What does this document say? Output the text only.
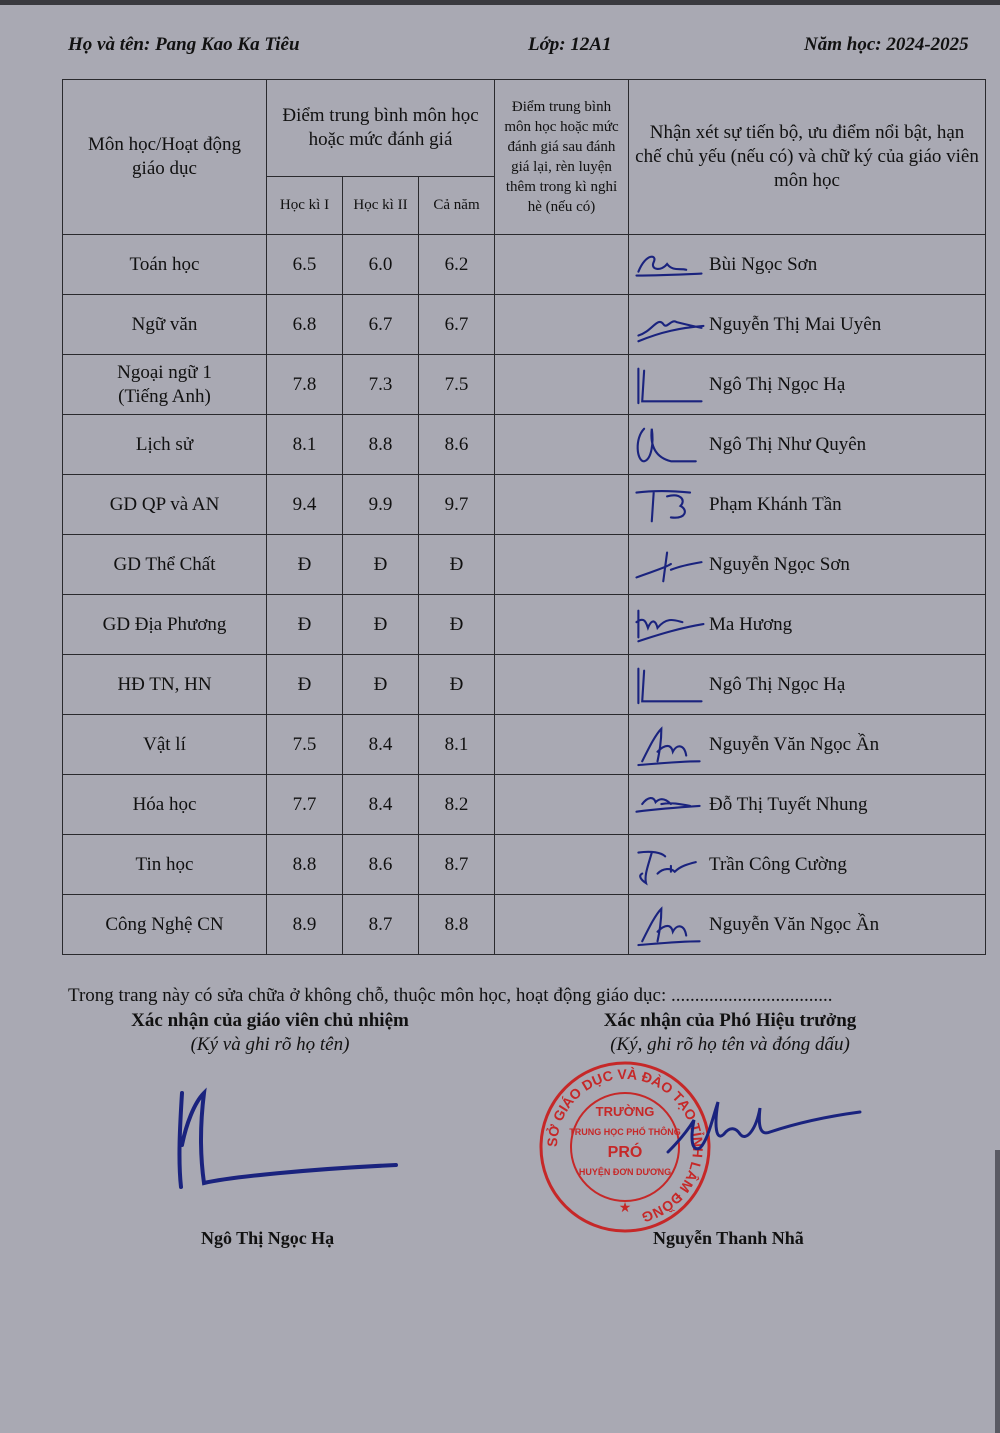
Họ và tên: Pang Kao Ka Tiêu	Lớp: 12A1	Năm học: 2024-2025
Môn học/Hoạt động giáo dục	Điểm trung bình môn học hoặc mức đánh giá			Điểm trung bình môn học hoặc mức đánh giá sau đánh giá lại, rèn luyện thêm trong kì nghỉ hè (nếu có)	Nhận xét sự tiến bộ, ưu điểm nổi bật, hạn chế chủ yếu (nếu có) và chữ ký của giáo viên môn học
	Học kì I	Học kì II	Cả năm		
Toán học	6.5	6.0	6.2		Bùi Ngọc Sơn

Ngữ văn	6.8	6.7	6.7		Nguyễn Thị Mai Uyên

Ngoại ngữ 1
(Tiếng Anh)	7.8	7.3	7.5		Ngô Thị Ngọc Hạ

Lịch sử	8.1	8.8	8.6		Ngô Thị Như Quyên

GD QP và AN	9.4	9.9	9.7		Phạm Khánh Tần

GD Thể Chất	Đ	Đ	Đ		Nguyễn Ngọc Sơn

GD Địa Phương	Đ	Đ	Đ		Ma Hương

HĐ TN, HN	Đ	Đ	Đ		Ngô Thị Ngọc Hạ

Vật lí	7.5	8.4	8.1		Nguyễn Văn Ngọc Ần

Hóa học	7.7	8.4	8.2		Đỗ Thị Tuyết Nhung

Tin học	8.8	8.6	8.7		Trần Công Cường

Công Nghệ CN	8.9	8.7	8.8		Nguyễn Văn Ngọc Ần
Trong trang này có sửa chữa ở không chỗ, thuộc môn học, hoạt động giáo dục: ..................................
Xác nhận của giáo viên chủ nhiệm
(Ký và ghi rõ họ tên)
Xác nhận của Phó Hiệu trưởng
(Ký, ghi rõ họ tên và đóng dấu)
SỞ GIÁO DỤC VÀ ĐÀO TẠO TỈNH LÂM ĐỒNG
TRƯỜNG
TRUNG HỌC PHỔ THÔNG
PRÓ
HUYỆN ĐƠN DƯƠNG
★
Ngô Thị Ngọc Hạ	Nguyễn Thanh Nhã
